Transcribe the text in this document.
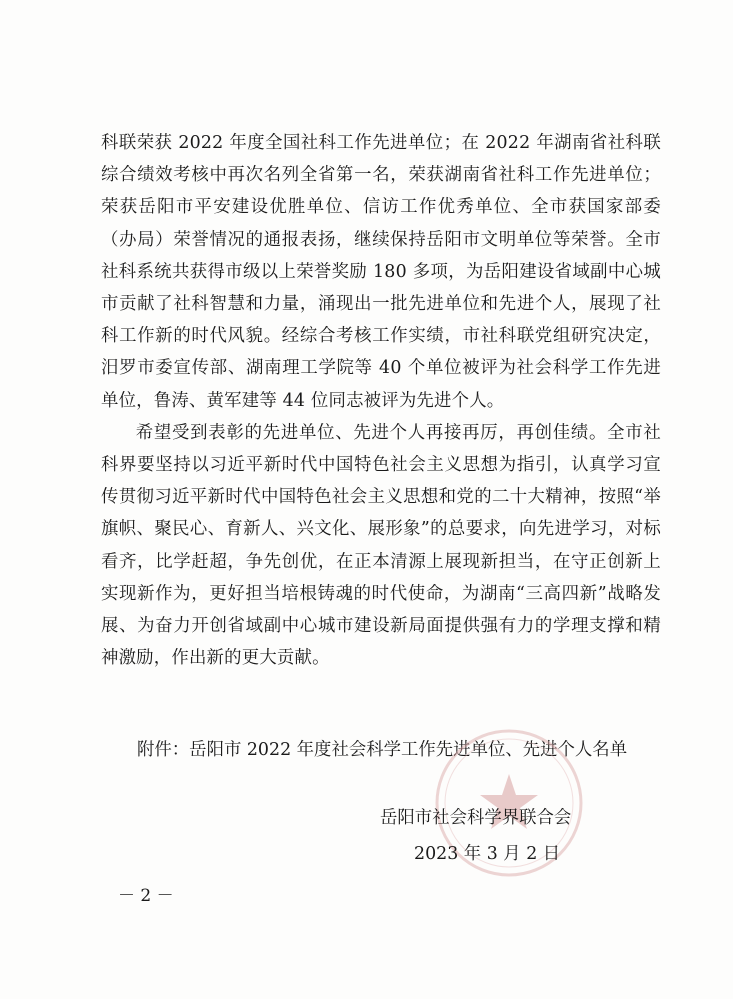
科联荣获 2022 年度全国社科工作先进单位；在 2022 年湖南省社科联综合绩效考核中再次名列全省第一名，荣获湖南省社科工作先进单位；荣获岳阳市平安建设优胜单位、信访工作优秀单位、全市获国家部委（办局）荣誉情况的通报表扬，继续保持岳阳市文明单位等荣誉。全市社科系统共获得市级以上荣誉奖励 180 多项，为岳阳建设省域副中心城市贡献了社科智慧和力量，涌现出一批先进单位和先进个人，展现了社科工作新的时代风貌。经综合考核工作实绩，市社科联党组研究决定，汨罗市委宣传部、湖南理工学院等 40 个单位被评为社会科学工作先进单位，鲁涛、黄军建等 44 位同志被评为先进个人。

希望受到表彰的先进单位、先进个人再接再厉，再创佳绩。全市社科界要坚持以习近平新时代中国特色社会主义思想为指引，认真学习宣传贯彻习近平新时代中国特色社会主义思想和党的二十大精神，按照“举旗帜、聚民心、育新人、兴文化、展形象”的总要求，向先进学习，对标看齐，比学赶超，争先创优，在正本清源上展现新担当，在守正创新上实现新作为，更好担当培根铸魂的时代使命，为湖南“三高四新”战略发展、为奋力开创省域副中心城市建设新局面提供强有力的学理支撑和精神激励，作出新的更大贡献。

附件：岳阳市 2022 年度社会科学工作先进单位、先进个人名单
岳阳市社会科学界联合会
2023 年 3 月 2 日
－ 2 －
